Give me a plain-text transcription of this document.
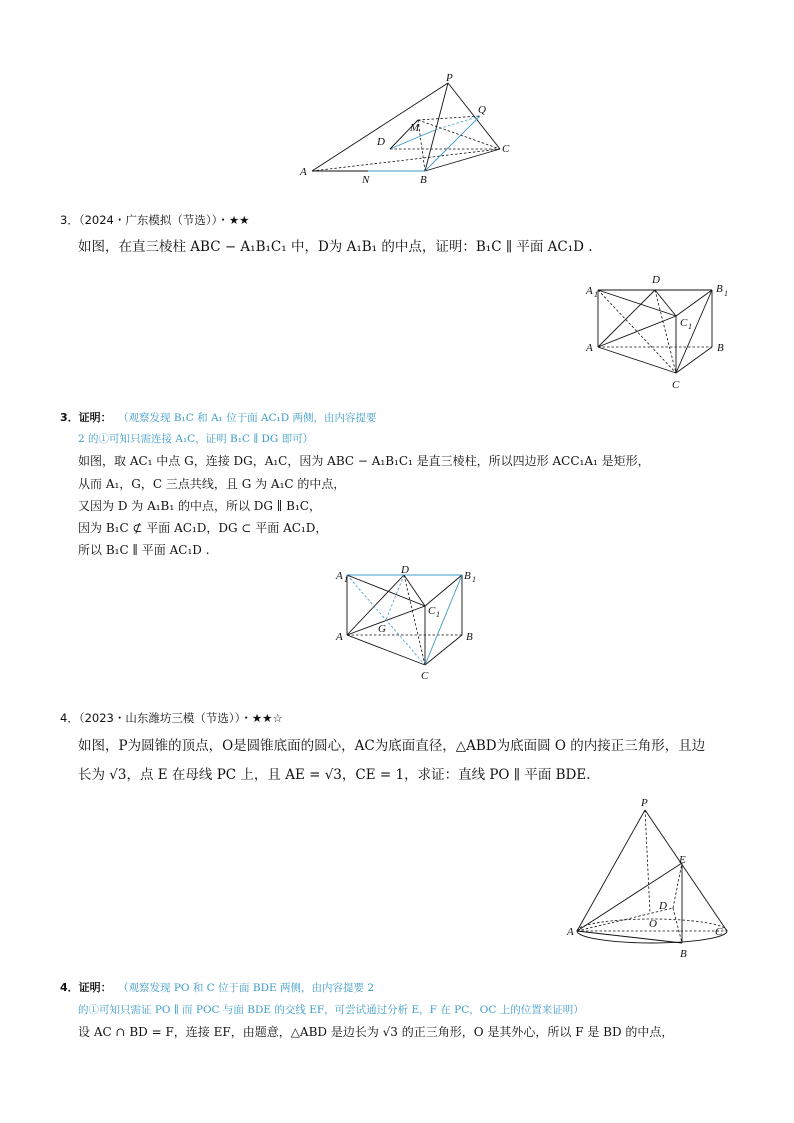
P
Q
M
D
C
A
N	B
3．（2024・广东模拟（节选））・★★
如图，在直三棱柱 ABC − A₁B₁C₁ 中，D为 A₁B₁ 的中点，证明：B₁C ∥ 平面 AC₁D .
D
A 1	B 1
C 1
A	B
C
3．证明： （观察发现 B₁C 和 A₁ 位于面 AC₁D 两侧，由内容提要
2 的①可知只需连接 A₁C，证明 B₁C ∥ DG 即可）
如图，取 AC₁ 中点 G，连接 DG，A₁C，因为 ABC − A₁B₁C₁ 是直三棱柱，所以四边形 ACC₁A₁ 是矩形，
从而 A₁，G，C 三点共线，且 G 为 A₁C 的中点，
又因为 D 为 A₁B₁ 的中点，所以 DG ∥ B₁C，
因为 B₁C ⊄ 平面 AC₁D，DG ⊂ 平面 AC₁D，
所以 B₁C ∥ 平面 AC₁D .
A 1
D	B 1
C 1
G
A	B
C
4．（2023・山东潍坊三模（节选））・★★☆
如图，P为圆锥的顶点，O是圆锥底面的圆心，AC为底面直径，△ABD为底面圆 O 的内接正三角形，且边
长为 √3，点 E 在母线 PC 上，且 AE = √3，CE = 1，求证：直线 PO ∥ 平面 BDE.
P
E
D
O
A	C
B
4．证明： （观察发现 PO 和 C 位于面 BDE 两侧，由内容提要 2
的①可知只需证 PO ∥ 而 POC 与面 BDE 的交线 EF，可尝试通过分析 E，F 在 PC，OC 上的位置来证明）
设 AC ∩ BD = F，连接 EF，由题意，△ABD 是边长为 √3 的正三角形，O 是其外心，所以 F 是 BD 的中点，
